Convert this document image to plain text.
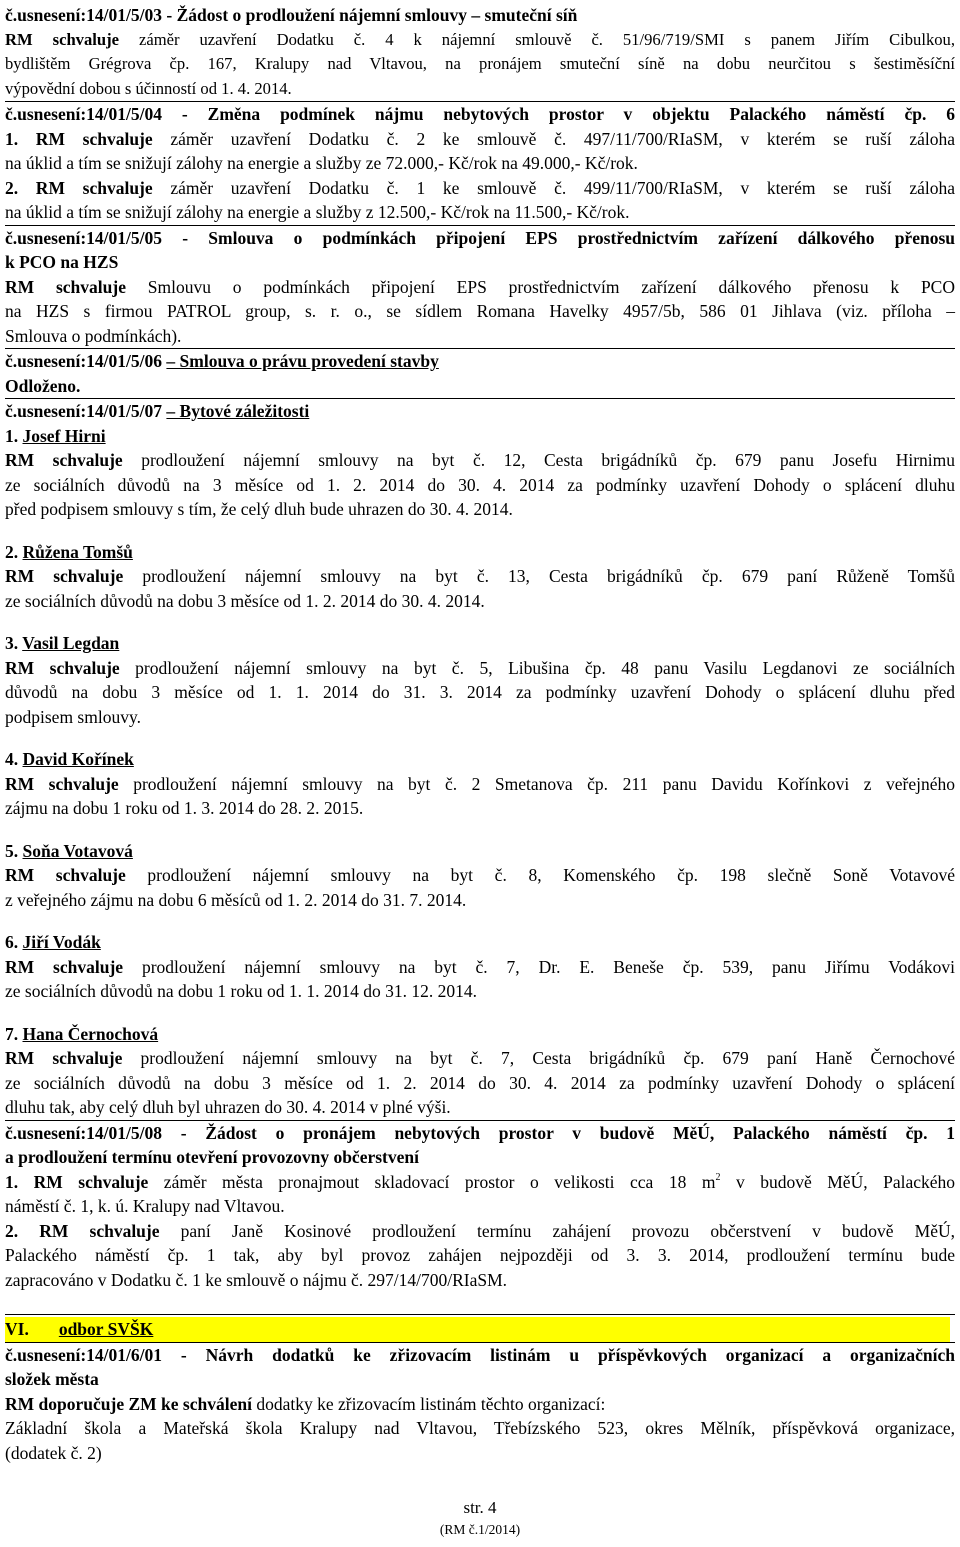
č.usnesení:14/01/5/03 - Žádost o prodloužení nájemní smlouvy – smuteční síň
RM schvaluje záměr uzavření Dodatku č. 4 k nájemní smlouvě č. 51/96/719/SMI s panem Jiřím Cibulkou,
bydlištěm Grégrova čp. 167, Kralupy nad Vltavou, na pronájem smuteční síně na dobu neurčitou s šestiměsíční
výpovědní dobou s účinností od 1. 4. 2014.
č.usnesení:14/01/5/04 - Změna podmínek nájmu nebytových prostor v objektu Palackého náměstí čp. 6
1. RM schvaluje záměr uzavření Dodatku č. 2 ke smlouvě č. 497/11/700/RIaSM, v kterém se ruší záloha
na úklid a tím se snižují zálohy na energie a služby ze 72.000,- Kč/rok na 49.000,- Kč/rok.
2. RM schvaluje záměr uzavření Dodatku č. 1 ke smlouvě č. 499/11/700/RIaSM, v kterém se ruší záloha
na úklid a tím se snižují zálohy na energie a služby z 12.500,- Kč/rok na 11.500,- Kč/rok.
č.usnesení:14/01/5/05 - Smlouva o podmínkách připojení EPS prostřednictvím zařízení dálkového přenosu
k PCO na HZS
RM schvaluje Smlouvu o podmínkách připojení EPS prostřednictvím zařízení dálkového přenosu k PCO
na HZS s firmou PATROL group, s. r. o., se sídlem Romana Havelky 4957/5b, 586 01 Jihlava (viz. příloha –
Smlouva o podmínkách).
č.usnesení:14/01/5/06 – Smlouva o právu provedení stavby
Odloženo.
č.usnesení:14/01/5/07 – Bytové záležitosti
1. Josef Hirni
RM schvaluje prodloužení nájemní smlouvy na byt č. 12, Cesta brigádníků čp. 679 panu Josefu Hirnimu
ze sociálních důvodů na 3 měsíce od 1. 2. 2014 do 30. 4. 2014 za podmínky uzavření Dohody o splácení dluhu
před podpisem smlouvy s tím, že celý dluh bude uhrazen do 30. 4. 2014.
2. Růžena Tomšů
RM schvaluje prodloužení nájemní smlouvy na byt č. 13, Cesta brigádníků čp. 679 paní Růženě Tomšů
ze sociálních důvodů na dobu 3 měsíce od 1. 2. 2014 do 30. 4. 2014.
3. Vasil Legdan
RM schvaluje prodloužení nájemní smlouvy na byt č. 5, Libušina čp. 48 panu Vasilu Legdanovi ze sociálních
důvodů na dobu 3 měsíce od 1. 1. 2014 do 31. 3. 2014 za podmínky uzavření Dohody o splácení dluhu před
podpisem smlouvy.
4. David Kořínek
RM schvaluje prodloužení nájemní smlouvy na byt č. 2 Smetanova čp. 211 panu Davidu Kořínkovi z veřejného
zájmu na dobu 1 roku od 1. 3. 2014 do 28. 2. 2015.
5. Soňa Votavová
RM schvaluje prodloužení nájemní smlouvy na byt č. 8, Komenského čp. 198 slečně Soně Votavové
z veřejného zájmu na dobu 6 měsíců od 1. 2. 2014 do 31. 7. 2014.
6. Jiří Vodák
RM schvaluje prodloužení nájemní smlouvy na byt č. 7, Dr. E. Beneše čp. 539, panu Jiřímu Vodákovi
ze sociálních důvodů na dobu 1 roku od 1. 1. 2014 do 31. 12. 2014.
7. Hana Černochová
RM schvaluje prodloužení nájemní smlouvy na byt č. 7, Cesta brigádníků čp. 679 paní Haně Černochové
ze sociálních důvodů na dobu 3 měsíce od 1. 2. 2014 do 30. 4. 2014 za podmínky uzavření Dohody o splácení
dluhu tak, aby celý dluh byl uhrazen do 30. 4. 2014 v plné výši.
č.usnesení:14/01/5/08 - Žádost o pronájem nebytových prostor v budově MěÚ, Palackého náměstí čp. 1
a prodloužení termínu otevření provozovny občerstvení
1. RM schvaluje záměr města pronajmout skladovací prostor o velikosti cca 18 $m^2$ v budově MěÚ, Palackého
náměstí č. 1, k. ú. Kralupy nad Vltavou.
2. RM schvaluje paní Janě Kosinové prodloužení termínu zahájení provozu občerstvení v budově MěÚ,
Palackého náměstí čp. 1 tak, aby byl provoz zahájen nejpozději od 3. 3. 2014, prodloužení termínu bude
zapracováno v Dodatku č. 1 ke smlouvě o nájmu č. 297/14/700/RIaSM.
VI. odbor SVŠK
č.usnesení:14/01/6/01 - Návrh dodatků ke zřizovacím listinám u příspěvkových organizací a organizačních
složek města
RM doporučuje ZM ke schválení dodatky ke zřizovacím listinám těchto organizací:
Základní škola a Mateřská škola Kralupy nad Vltavou, Třebízského 523, okres Mělník, příspěvková organizace,
(dodatek č. 2)
str. 4
(RM č.1/2014)
